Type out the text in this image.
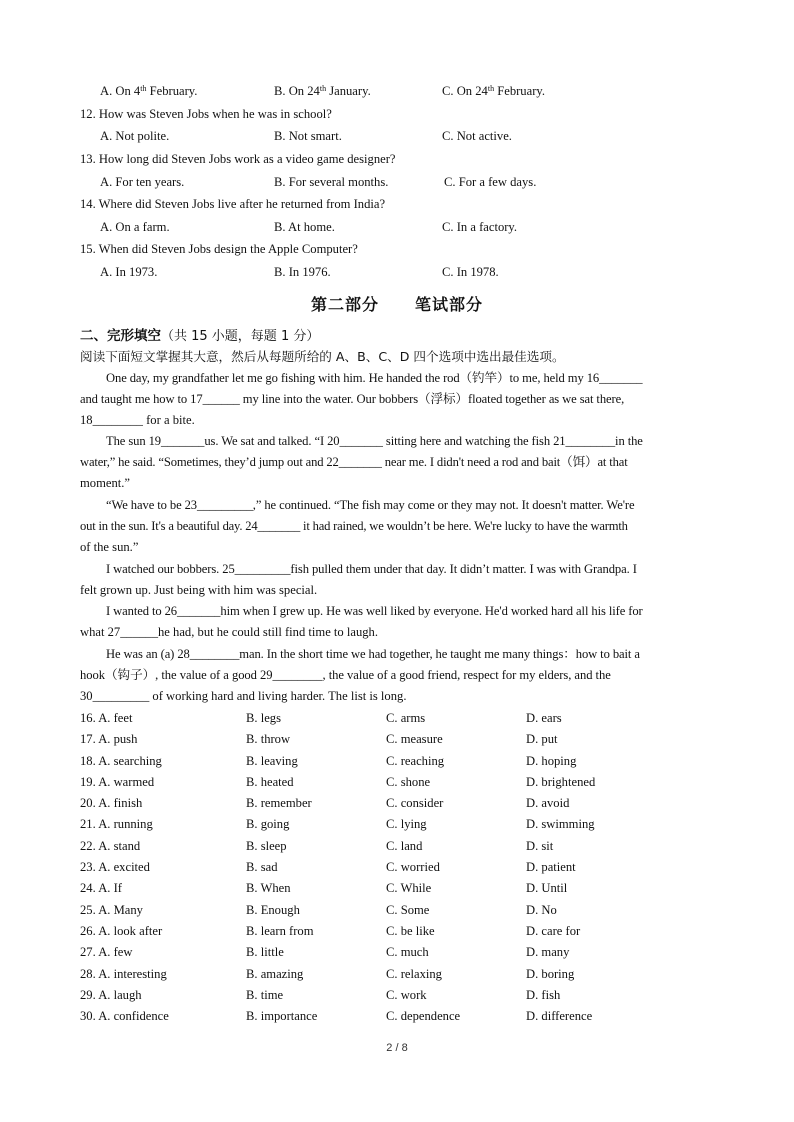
A. On 4th February.	B. On 24th January.	C. On 24th February.
12. How was Steven Jobs when he was in school?
A. Not polite.	B. Not smart.	C. Not active.
13. How long did Steven Jobs work as a video game designer?
A. For ten years.	B. For several months.	C. For a few days.
14. Where did Steven Jobs live after he returned from India?
A. On a farm.	B. At home.	C. In a factory.
15. When did Steven Jobs design the Apple Computer?
A. In 1973.	B. In 1976.	C. In 1978.
第二部分 笔试部分
二、完形填空（共 15 小题，每题 1 分）
阅读下面短文掌握其大意，然后从每题所给的 A、B、C、D 四个选项中选出最佳选项。
One day, my grandfather let me go fishing with him. He handed the rod（钓竿）to me, held my 16_______
and taught me how to 17______ my line into the water. Our bobbers（浮标）floated together as we sat there,
18________ for a bite.
The sun 19_______us. We sat and talked. “I 20_______ sitting here and watching the fish 21________in the
water,” he said. “Sometimes, they’d jump out and 22_______ near me. I didn't need a rod and bait（饵）at that
moment.”
“We have to be 23_________,” he continued. “The fish may come or they may not. It doesn't matter. We're
out in the sun. It's a beautiful day. 24_______ it had rained, we wouldn’t be here. We're lucky to have the warmth
of the sun.”
I watched our bobbers. 25_________fish pulled them under that day. It didn’t matter. I was with Grandpa. I
felt grown up. Just being with him was special.
I wanted to 26_______him when I grew up. He was well liked by everyone. He'd worked hard all his life for
what 27______he had, but he could still find time to laugh.
He was an (a) 28________man. In the short time we had together, he taught me many things：how to bait a
hook（钩子）, the value of a good 29________, the value of a good friend, respect for my elders, and the
30_________ of working hard and living harder. The list is long.
16. A. feet	B. legs	C. arms	D. ears
17. A. push	B. throw	C. measure	D. put
18. A. searching	B. leaving	C. reaching	D. hoping
19. A. warmed	B. heated	C. shone	D. brightened
20. A. finish	B. remember	C. consider	D. avoid
21. A. running	B. going	C. lying	D. swimming
22. A. stand	B. sleep	C. land	D. sit
23. A. excited	B. sad	C. worried	D. patient
24. A. If	B. When	C. While	D. Until
25. A. Many	B. Enough	C. Some	D. No
26. A. look after	B. learn from	C. be like	D. care for
27. A. few	B. little	C. much	D. many
28. A. interesting	B. amazing	C. relaxing	D. boring
29. A. laugh	B. time	C. work	D. fish
30. A. confidence	B. importance	C. dependence	D. difference
2 / 8
